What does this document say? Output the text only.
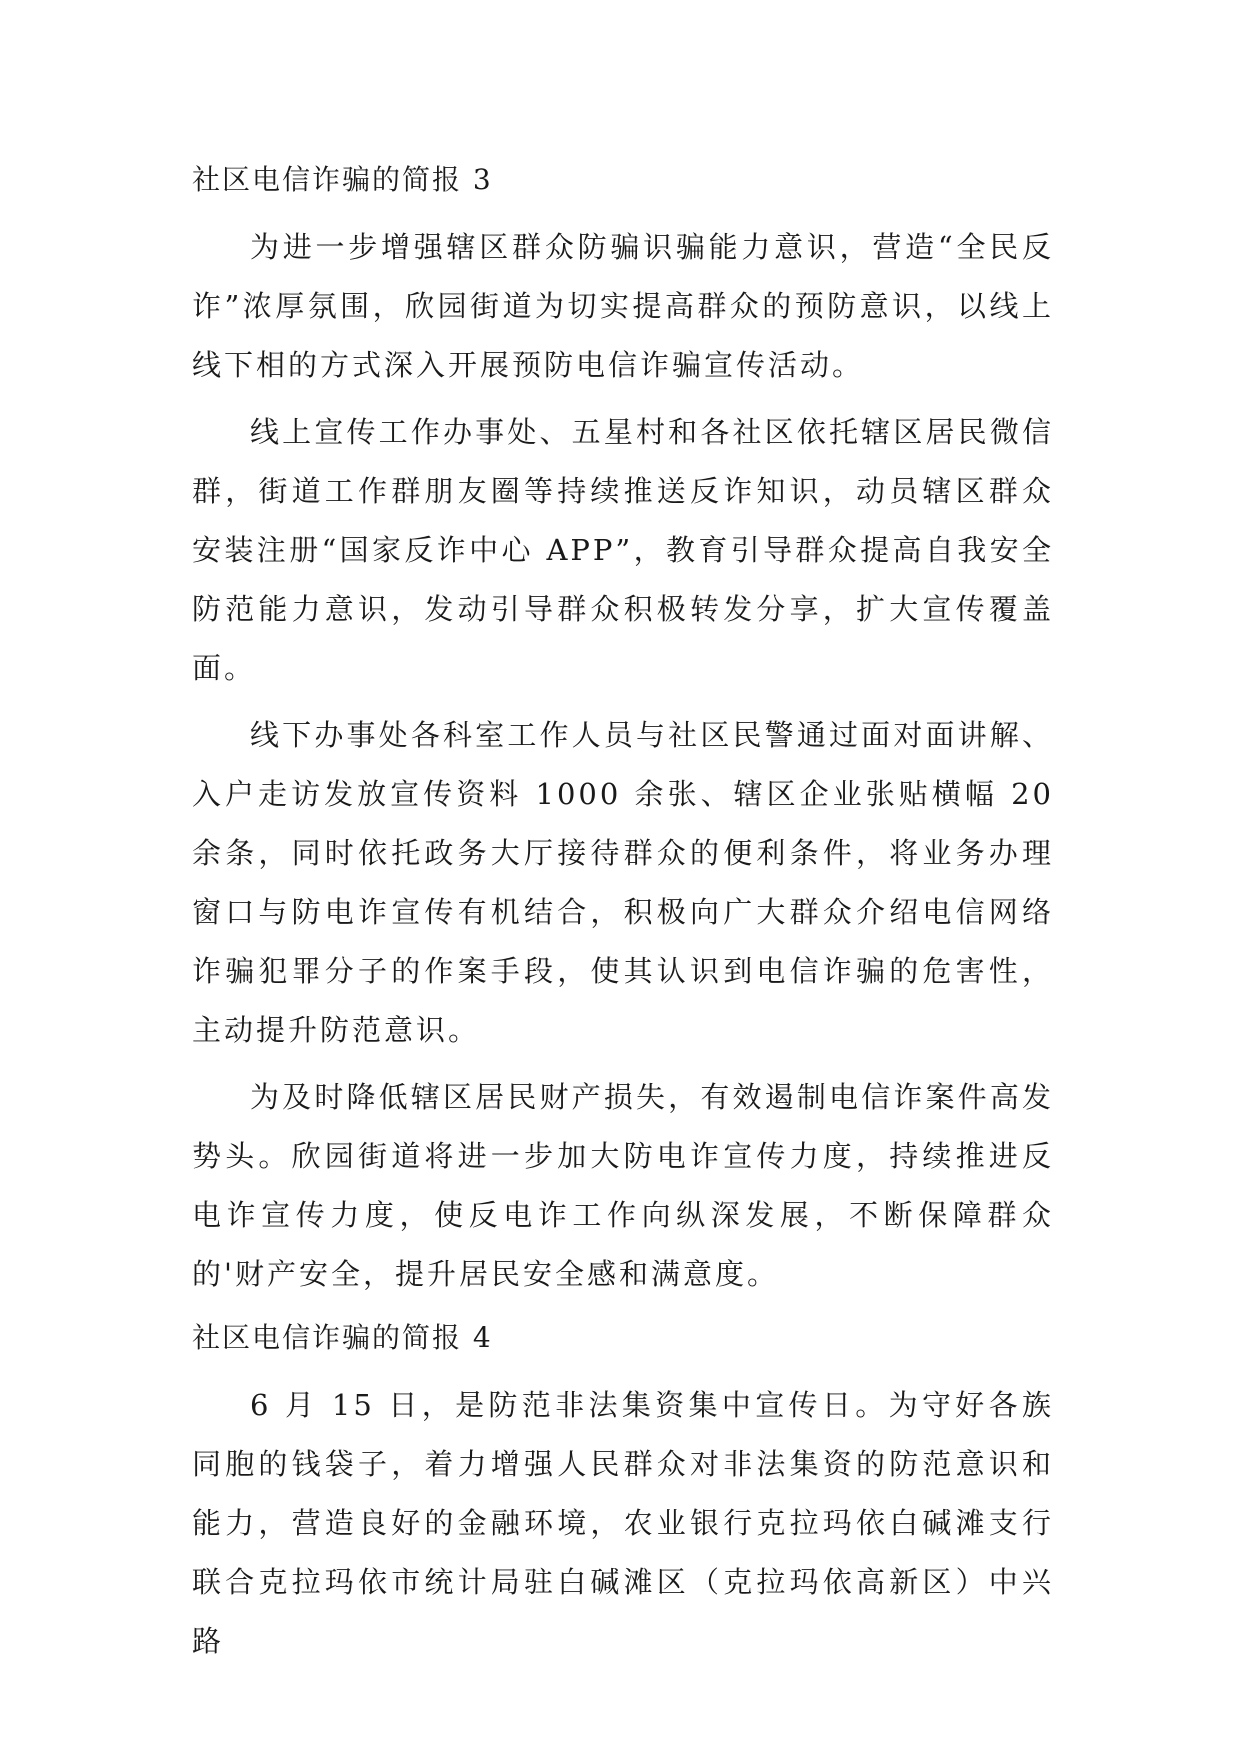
社区电信诈骗的简报 3

为进一步增强辖区群众防骗识骗能力意识，营造“全民反诈”浓厚氛围，欣园街道为切实提高群众的预防意识，以线上线下相的方式深入开展预防电信诈骗宣传活动。

线上宣传工作办事处、五星村和各社区依托辖区居民微信群，街道工作群朋友圈等持续推送反诈知识，动员辖区群众安装注册“国家反诈中心 APP”，教育引导群众提高自我安全防范能力意识，发动引导群众积极转发分享，扩大宣传覆盖面。

线下办事处各科室工作人员与社区民警通过面对面讲解、入户走访发放宣传资料 1000 余张、辖区企业张贴横幅 20 余条，同时依托政务大厅接待群众的便利条件，将业务办理窗口与防电诈宣传有机结合，积极向广大群众介绍电信网络诈骗犯罪分子的作案手段，使其认识到电信诈骗的危害性，主动提升防范意识。

为及时降低辖区居民财产损失，有效遏制电信诈案件高发势头。欣园街道将进一步加大防电诈宣传力度，持续推进反电诈宣传力度，使反电诈工作向纵深发展，不断保障群众的'财产安全，提升居民安全感和满意度。

社区电信诈骗的简报 4

6 月 15 日，是防范非法集资集中宣传日。为守好各族同胞的钱袋子，着力增强人民群众对非法集资的防范意识和能力，营造良好的金融环境，农业银行克拉玛依白碱滩支行联合克拉玛依市统计局驻白碱滩区（克拉玛依高新区）中兴路
